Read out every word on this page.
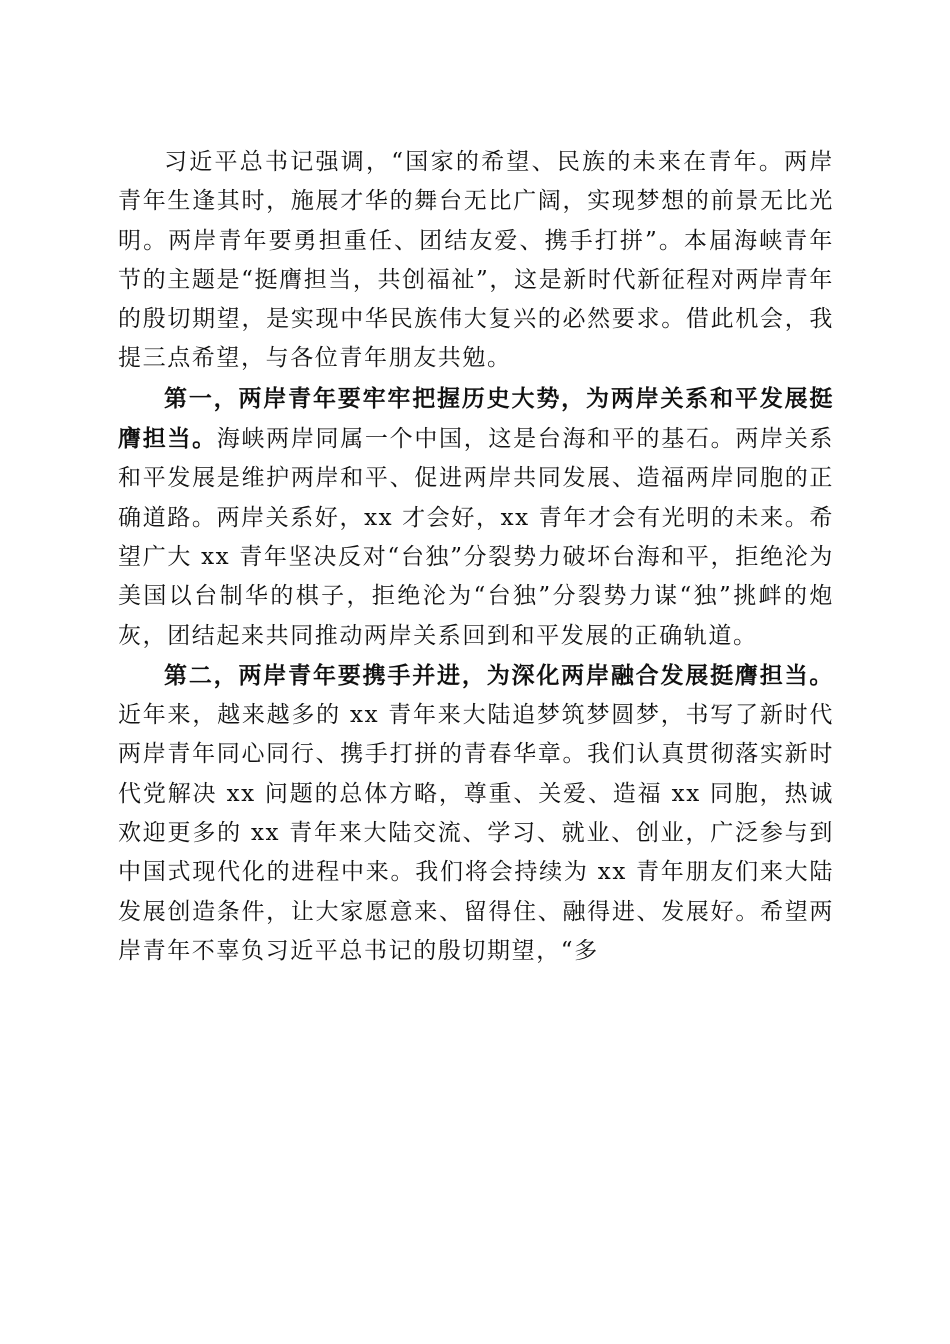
习近平总书记强调，“国家的希望、民族的未来在青年。两岸青年生逢其时，施展才华的舞台无比广阔，实现梦想的前景无比光明。两岸青年要勇担重任、团结友爱、携手打拼”。本届海峡青年节的主题是“挺膺担当，共创福祉”，这是新时代新征程对两岸青年的殷切期望，是实现中华民族伟大复兴的必然要求。借此机会，我提三点希望，与各位青年朋友共勉。

第一，两岸青年要牢牢把握历史大势，为两岸关系和平发展挺膺担当。海峡两岸同属一个中国，这是台海和平的基石。两岸关系和平发展是维护两岸和平、促进两岸共同发展、造福两岸同胞的正确道路。两岸关系好，xx 才会好，xx 青年才会有光明的未来。希望广大 xx 青年坚决反对“台独”分裂势力破坏台海和平，拒绝沦为美国以台制华的棋子，拒绝沦为“台独”分裂势力谋“独”挑衅的炮灰，团结起来共同推动两岸关系回到和平发展的正确轨道。

第二，两岸青年要携手并进，为深化两岸融合发展挺膺担当。近年来，越来越多的 xx 青年来大陆追梦筑梦圆梦，书写了新时代两岸青年同心同行、携手打拼的青春华章。我们认真贯彻落实新时代党解决 xx 问题的总体方略，尊重、关爱、造福 xx 同胞，热诚欢迎更多的 xx 青年来大陆交流、学习、就业、创业，广泛参与到中国式现代化的进程中来。我们将会持续为 xx 青年朋友们来大陆发展创造条件，让大家愿意来、留得住、融得进、发展好。希望两岸青年不辜负习近平总书记的殷切期望，“多
